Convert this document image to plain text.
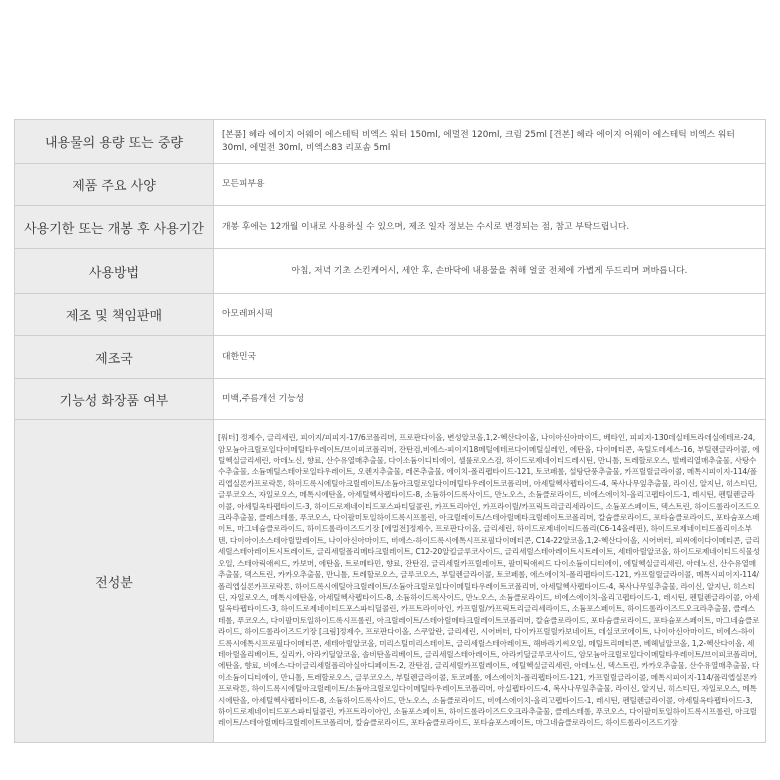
내용물의 용량 또는 중량	[본품] 헤라 에이지 어웨이 에스테틱 비엑스 워터 150ml, 에멀전 120ml, 크림 25ml [견본] 헤라 에이지 어웨이 에스테틱 비엑스 워터 30ml, 에멀전 30ml, 비엑스83 리포솜 5ml
제품 주요 사양	모든피부용
사용기한 또는 개봉 후 사용기간	개봉 후에는 12개월 이내로 사용하실 수 있으며, 제조 일자 정보는 수시로 변경되는 점, 참고 부탁드립니다.
사용방법	아침, 저녁 기초 스킨케어시, 세안 후, 손바닥에 내용물을 취해 얼굴 전체에 가볍게 두드리며 펴바릅니다.
제조 및 책임판매	아모레퍼시픽
제조국	대한민국
기능성 화장품 여부	미백,주름개선 기능성
전성분	[워터] 정제수, 글리세린, 피이지/피피지-17/6코폴리머, 프로판다이올, 변성알코올,1,2-헥산다이올, 나이아신아마이드, 베타인, 피피지-130데실테트라데실에테르-24, 암모늄아크릴로일다이메틸타우레이트/브이피코폴리머, 잔탄검,비에스-피이지18메틸에테르다이메틸실레인, 에탄올, 다이메티콘, 옥틸도데세스-16, 부틸렌글라이콜, 에틸헥실글리세린, 아데노신, 향료, 산수유열매추출물, 다이소듐이디티에이, 셀룰로오스검, 하이드로제네이티드레시틴, 만니톨, 트레할로오스, 빌베리열매추출물, 사탕수수추출물, 소듐메틸스테아로일타우레이트, 오렌지추출물, 레몬추출물, 에이치-폴리펩타이드-121, 토코페롤, 설탕단풍추출물, 카프릴릴글라이콜, 메톡시피이지-114/폴리엡실론카프로락톤, 하이드록시에틸아크릴레이트/소듐아크릴로일다이메틸타우레이트코폴리머, 아세틸헥사펩타이드-4, 복사나무잎추출물, 라이신, 알지닌, 히스티딘, 글루코오스, 자일로오스, 메톡시에탄올, 아세틸헥사펩타이드-8, 소듐하이드록사이드, 만노오스, 소듐클로라이드, 비에스에이치-올리고펩타이드-1, 레시틴, 펜틸렌글라이콜, 아세틸옥타펩타이드-3, 하이드로제네이티드포스파티딜콜린, 카프트리아인, 카프라이릴/카프릭트리글리세라이드, 소듐포스페이트, 덱스트린, 하이드롤라이즈드오크라추출물, 클레스테롤, 푸코오스, 다이팔미토일하이드록시프롤린, 아크릴레이트/스테아릴메타크릴레이트코폴리머, 칼슘클로라이드, 포타슘클로라이드, 포타슘포스페이트, 마그네슘클로라이드, 하이드롤라이즈드기장 [에멀전]정제수, 프로판다이올, 글리세린, 하이드로제네이티드폴리(C6-14올레핀), 하이드로제네이티드폴리이소부텐, 다이아이소스테아릴말레이트, 나이아신아마이드, 비에스-하이드록시에톡시프로필다이메티콘, C14-22알코올,1,2-헥산다이올, 시어버터, 피씨에이다이메티콘, 글리세릴스테아레이트시트레이트, 글리세릴폴리메타크릴레이트, C12-20알킬글루코사이드, 글리세릴스테아레이트시트레이트, 세테아릴알코올, 하이드로제네이티드식물성오일, 스테아릭애씨드, 카보머, 에탄올, 트로메타민, 향료, 잔탄검, 글리세릴카프릴레이트, 팔미틱애씨드 다이소듐이디티에이, 에틸헥실글리세린, 아데노신, 산수유열매추출물, 덱스트린, 카카오추출물, 만니톨, 트레할로오스, 글루코오스, 부틸렌글라이콜, 토코페롤, 에스에이치-폴리펩타이드-121, 카프릴릴글라이콜, 메톡시피이지-114/폴리엡실론카프로락톤, 하이드록시에틸아크릴레이트/소듐아크릴로일다이메틸타우레이트코폴리머, 아세틸헥사펩타이드-4, 복사나무잎추출물, 라이신, 알지닌, 히스티딘, 자일로오스, 메톡시에탄올, 아세틸헥사펩타이드-8, 소듐하이드록사이드, 만노오스, 소듐클로라이드, 비에스에이치-올리고펩타이드-1, 레시틴, 펜틸렌글라이콜, 아세틸옥타펩타이드-3, 하이드로제네이티드포스파티딜콜린, 카프트라이아인, 카프릴릴/카프릭트리글리세라이드, 소듐포스페이트, 하이드롤라이즈드오크라추출물, 클레스테롤, 푸코오스, 다이팔미토일하이드록시프롤린, 아크릴레이트/스테아릴메타크릴레이트코폴리머, 칼슘클로라이드, 포타슘클로라이드, 포타슘포스페이트, 마그네슘클로라이드, 하이드롤라이즈드기장 [크림]정제수, 프로판다이올, 스쿠알란, 글리세린, 시어버터, 다이카프릴릴카보네이트, 데실코코에이트, 나이아신아마이드, 비에스-하이드록시에톡시프로필다이메티콘, 세테아릴알코올, 미리스틸미리스테이트, 글리세릴스테아레이트, 해바라기씨오일, 메틸트리메티콘, 베헤닐알코올, 1,2-헥산다이올, 세테아릴올리베이트, 실리카, 아라키딜알코올, 솔비탄올리베이트, 글리세릴스테아레이트, 아라키딜글루코사이드, 암모늄아크릴로일다이메틸타우레이트/브이피코폴리머, 에탄올, 향료, 비에스-다이글리세릴폴리아실아디페이트-2, 잔탄검, 글리세릴카프릴레이트, 에틸헥실글리세린, 아데노신, 덱스트린, 카카오추출물, 산수유열매추출물, 다이소듐이디티에이, 만니톨, 트레할로오스, 글루코오스, 부틸렌글라이콜, 토코페롤, 에스에이치-폴리펩타이드-121, 카프릴릴글라이콜, 메톡시피이지-114/폴리엡실론카프로락톤, 하이드록시에틸아크릴레이트/소듐아크릴로일다이메틸타우레이트코폴리머, 아실펩타이드-4, 복사나무잎추출물, 라이신, 알지닌, 히스티딘, 자일로오스, 메톡시에탄올, 아세틸헥사펩타이드-8, 소듐하이드록사이드, 만노오스, 소듐클로라이드, 비에스에이치-올리고펩타이드-1, 레시틴, 펜틸렌글라이콜, 아세틸옥타펩타이드-3, 하이드로제네이티드포스파티딜콜린, 카프트라이아인, 소듐포스페이트, 하이드롤라이즈드오크라추출물, 클레스테롤, 푸코오스, 다이팔미토일하이드록시프롤린, 아크릴레이트/스테아릴메타크릴레이트코폴리머, 칼슘클로라이드, 포타슘클로라이드, 포타슘포스페이트, 마그네슘클로라이드, 하이드롤라이즈드기장
